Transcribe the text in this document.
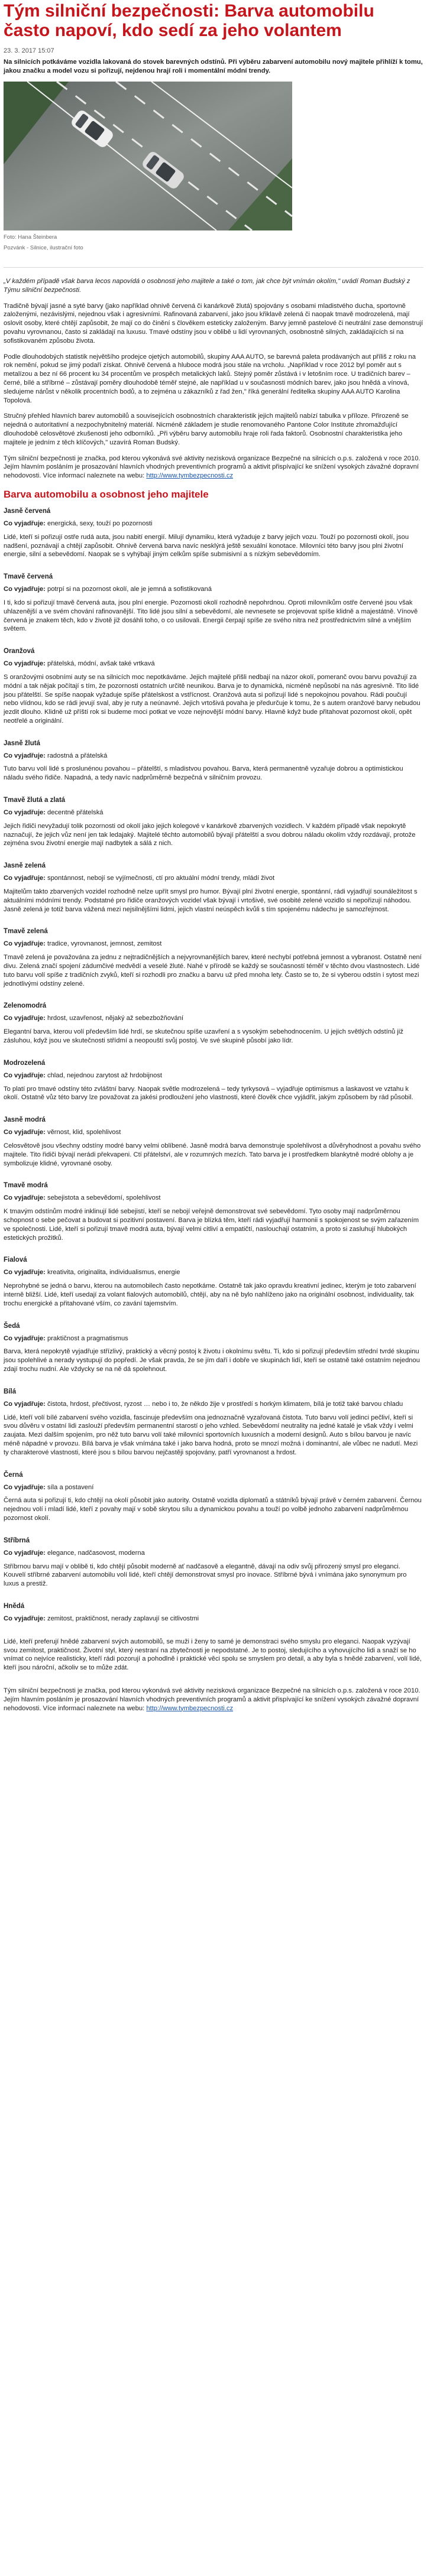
Tým silniční bezpečnosti: Barva automobilu často napoví, kdo sedí za jeho volantem
23. 3. 2017 15:07
Na silnicích potkáváme vozidla lakovaná do stovek barevných odstínů. Při výběru zabarvení automobilu nový majitele přihlíží k tomu, jakou značku a model vozu si pořizují, nejdenou hrají roli i momentální módní trendy.
Foto: Hana Šteinbera
Pozvánk - Silnice, ilustrační foto

„V každém případě však barva lecos napovídá o osobnosti jeho majitele a také o tom, jak chce být vnímán okolím," uvádí Roman Budský z Týmu silniční bezpečnosti.

Tradičně bývají jasné a syté barvy (jako například ohnivě červená či kanárkově žlutá) spojovány s osobami mladistvého ducha, sportovně založenými, nezávislými, nejednou však i agresivními. Rafinovaná zabarvení, jako jsou křiklavě zelená či naopak tmavě modrozelená, mají oslovit osoby, které chtějí zapůsobit, že mají co do činění s člověkem esteticky založeným. Barvy jemně pastelové či neutrální zase demonstrují povahu vyrovnanou, často si zakládají na luxusu. Tmavé odstíny jsou v oblibě u lidí vyrovnaných, osobnostně silných, zakládajících si na sofistikovaném způsobu života.

Podle dlouhodobých statistik největšího prodejce ojetých automobilů, skupiny AAA AUTO, se barevná paleta prodávaných aut příliš z roku na rok nemění, pokud se jimý podaří získat. Ohnivě červená a hluboce modrá jsou stále na vrcholu. „Například v roce 2012 byl poměr aut s metalízou a bez ní 66 procent ku 34 procentům ve prospěch metalických laků. Stejný poměr zůstává i v letošním roce. U tradičních barev – černé, bílé a stříbrné – zůstávají poměry dlouhodobě téměř stejné, ale například u v současnosti módních barev, jako jsou hnědá a vínová, sledujeme nárůst v několik procentních bodů, a to zejména u zákazníků z řad žen," říká generální ředitelka skupiny AAA AUTO Karolina Topolová.

Stručný přehled hlavních barev automobilů a souvisejících osobnostních charakteristik jejich majitelů nabízí tabulka v příloze. Přirozeně se nejedná o autoritativní a nezpochybnitelný materiál. Nicméně základem je studie renomovaného Pantone Color Institute zhromažďující dlouhodobě celosvětové zkušenosti jeho odborníků. „Při výběru barvy automobilu hraje roli řada faktorů. Osobnostní charakteristika jeho majitele je jedním z těch klíčových," uzavírá Roman Budský.

Tým silniční bezpečnosti je značka, pod kterou vykonává své aktivity nezisková organizace Bezpečné na silnicích o.p.s. založená v roce 2010. Jejím hlavním posláním je prosazování hlavních vhodných preventivních programů a aktivit přispívající ke snížení vysokých závažné dopravní nehodovosti. Více informací naleznete na webu: http://www.tymbezpecnosti.cz

Barva automobilu a osobnost jeho majitele
Jasně červená

Co vyjadřuje: energická, sexy, touží po pozornosti

Lidé, kteří si pořizují ostře rudá auta, jsou nabití energií. Milují dynamiku, která vyžaduje z barvy jejich vozu. Touží po pozornosti okolí, jsou nadšení, poznávají a chtějí zapůsobit. Ohnivě červená barva navíc nesklýrá ještě sexuální konotace. Milovníci této barvy jsou plni životní energie, silní a sebevědomí. Naopak se s vyhýbají jiným celkům spíše submisivní a s nízkým sebevědomím.

Tmavě červená

Co vyjadřuje: potrpí si na pozornost okolí, ale je jemná a sofistikovaná

I ti, kdo si pořizují tmavě červená auta, jsou plní energie. Pozornosti okolí rozhodně nepohrdnou. Oproti milovníkům ostře červené jsou však uhlazenější a ve svém chování rafinovanější. Tito lidé jsou silní a sebevědomí, ale nevnesete se projevovat spíše klidně a majestátně. Vínově červená je znakem těch, kdo v životě již dosáhli toho, o co usilovali. Energii čerpají spíše ze svého nitra než prostřednictvím silné a vnějším světem.

Oranžová

Co vyjadřuje: přátelská, módní, avšak také vrtkavá

S oranžovými osobními auty se na silnicích moc nepotkáváme. Jejich majitelé přišli nedbají na názor okolí, pomeranč ovou barvu považují za módní a tak nějak počítají s tím, že pozornosti ostatních určitě neunikou. Barva je to dynamická, nicméně nepůsobí na nás agresivně. Tito lidé jsou přátelští. Se spíše naopak vyžaduje spíše přátelskost a vstřícnost. Oranžová auta si pořizují lidé s nepokojnou povahou. Rádi poučují nebo vlídnou, kdo se rádi jevují sval, aby je ruty a neúnavné. Jejich vrtošivá povaha je předurčuje k tomu, že s autem oranžové barvy nebudou jezdit dlouho. Klidně už příští rok si budeme moci potkat ve voze nejnovější módní barvy. Hlavně když bude přitahovat pozornost okolí, opět neotřelé a originální.

Jasně žlutá

Co vyjadřuje: radostná a přátelská

Tuto barvu volí lidé s proslunénou povahou – přátelští, s mladistvou povahou. Barva, která permanentně vyzařuje dobrou a optimistickou náladu svého řidiče. Napadná, a tedy navíc nadprůměrně bezpečná v silničním provozu.

Tmavě žlutá a zlatá

Co vyjadřuje: decentně přátelská

Jejich řidiči nevyžadují tolik pozornosti od okolí jako jejich kolegové v kanárkově zbarvených vozidlech. V každém případě však nepokrytě naznačují, že jejich vůz není jen tak ledajaký. Majitelé těchto automobilů bývají přátelští a svou dobrou náladu okolím vždy rozdávají, protože zejména svou životní energie mají nadbytek a sálá z nich.

Jasně zelená

Co vyjadřuje: spontánnost, nebojí se vyjímečnosti, ctí pro aktuální módní trendy, mládí život

Majitelům takto zbarvených vozidel rozhodně nelze upřít smysl pro humor. Bývají plní životní energie, spontánní, rádi vyjadřují sounáležitost s aktuálními módními trendy. Podstatné pro řidiče oranžových vozidel však bývají i vrtošivé, své osobité zelené vozidlo si nepořizují náhodou. Jasně zelená je totiž barva vážená mezi nejsilnějšími lidmi, jejich vlastní neúspěch kvůli s tím spojenému nádechu je samozřejmost.

Tmavě zelená

Co vyjadřuje: tradice, vyrovnanost, jemnost, zemitost

Tmavě zelená je považována za jednu z nejtradičnějších a nejvyrovnanějších barev, které nechybí potřebná jemnost a vybranost. Ostatně není divu. Zelená značí spojení zádumčivé medvědí a veselé žluté. Nahé v přírodě se každý se současností téměř v těchto dvou vlastnostech. Lidé tuto barvu volí spíše z tradičních zvyků, kteří si rozhodli pro značku a barvu už před mnoha lety. Často se to, že si vyberou odstín i sytost mezi jednotlivými odstíny zelené.

Zelenomodrá

Co vyjadřuje: hrdost, uzavřenost, nějaký až sebezbožňování

Elegantní barva, kterou volí především lidé hrdí, se skutečnou spíše uzavření a s vysokým sebehodnocením. U jejich světlých odstínů již zásluhou, když jsou ve skutečnosti střídmí a neopouští svůj postoj. Ve své skupině působí jako lídr.

Modrozelená

Co vyjadřuje: chlad, nejednou zarytost až hrdobijnost

To platí pro tmavé odstíny této zvláštní barvy. Naopak světle modrozelená – tedy tyrkysová – vyjadřuje optimismus a laskavost ve vztahu k okolí. Ostatně vůz této barvy lze považovat za jakési prodloužení jeho vlastnosti, které člověk chce vyjádřit, jakým způsobem by rád působil.

Jasně modrá

Co vyjadřuje: věrnost, klid, spolehlivost

Celosvětově jsou všechny odstíny modré barvy velmi oblíbené. Jasně modrá barva demonstruje spolehlivost a důvěryhodnost a povahu svého majitele. Tito řidiči bývají nerádi překvapeni. Ctí přátelství, ale v rozumných mezích. Tato barva je i prostředkem blankytně modré oblohy a je symbolizuje klidné, vyrovnané osoby.

Tmavě modrá

Co vyjadřuje: sebejistota a sebevědomí, spolehlivost

K tmavým odstínům modré inklinují lidé sebejistí, kteří se nebojí veřejně demonstrovat své sebevědomí. Tyto osoby mají nadprůměrnou schopnost o sebe pečovat a budovat si pozitivní postavení. Barva je blízká těm, kteří rádi vyjadřují harmonii s spokojenost se svým zařazením ve společnosti. Lidé, kteří si pořizují tmavě modrá auta, bývají velmi citliví a empatičtí, naslouchají ostatním, a proto si zasluhují hlubokých estetických prožitků.

Fialová

Co vyjadřuje: kreativita, originalita, individualismus, energie

Neprohybné se jedná o barvu, kterou na automobilech často nepotkáme. Ostatně tak jako opravdu kreativní jedinec, kterým je toto zabarvení interně bližší. Lidé, kteří usedají za volant fialových automobilů, chtějí, aby na ně bylo nahlíženo jako na originální osobnost, individuality, tak trochu energické a přitahované vším, co zavání tajemstvím.

Šedá

Co vyjadřuje: praktičnost a pragmatismus

Barva, která nepokrytě vyjadřuje střízlivý, praktický a věcný postoj k životu i okolnímu světu. Ti, kdo si pořizují především střední tvrdé skupinu jsou spolehlivé a nerady vystupují do popředí. Je však pravda, že se jím daří i dobře ve skupinách lidí, kteří se ostatně také ostatním nejednou zdají trochu nudní. Ale vždycky se na ně dá spolehnout.

Bílá

Co vyjadřuje: čistota, hrdost, přečtivost, ryzost … nebo i to, že někdo žije v prostředí s horkým klimatem, bílá je totiž také barvou chladu

Lidé, kteří volí bílé zabarvení svého vozidla, fascinuje především ona jednoznačně vyzařovaná čistota. Tuto barvu volí jedinci pečliví, kteří si svou důvěru v ostatní lidi zaslouží především permanentní starostí o jeho vzhled. Sebevědomí neutrality na jedné katalé je však vždy i velmi zaujata. Mezi dalším spojením, pro něž tuto barvu volí také milovníci sportovních luxusních a moderní designů. Auto s bílou barvou je navíc méně nápadné v provozu. Bílá barva je však vnímána také i jako barva hodná, proto se mnozí možná i dominantní, ale vůbec ne nadutí. Mezi ty charakterové vlastnosti, které jsou s bílou barvou nejčastěji spojovány, patří vyrovnanost a hrdost.

Černá

Co vyjadřuje: síla a postavení

Černá auta si pořizují ti, kdo chtějí na okolí působit jako autority. Ostatně vozidla diplomatů a státníků bývají právě v černém zabarvení. Černou nejednou volí i mladí lidé, kteří z povahy mají v sobě skrytou sílu a dynamickou povahu a touží po volbě jednoho zabarvení nadprůměrnou pozornost okolí.

Stříbrná

Co vyjadřuje: elegance, nadčasovost, moderna

Stříbrnou barvu mají v oblibě ti, kdo chtějí působit moderně ať nadčasově a elegantně, dávají na odiv svůj přirozený smysl pro eleganci. Kouvelí stříbrné zabarvení automobilu volí lidé, kteří chtějí demonstrovat smysl pro inovace. Stříbrné bývá i vnímána jako synonymum pro luxus a prestiž.

Hnědá

Co vyjadřuje: zemitost, praktičnost, nerady zaplavují se citlivostmi

Lidé, kteří preferují hnědé zabarvení svých automobilů, se muži i ženy to samé je demonstraci svého smyslu pro eleganci. Naopak vyzývají svou zemitost, praktičnost. Životní styl, který nestraní na zbytečnosti je nepodstatné. Je to postoj, sledujícího a vyhovujícího lidi a snaží se ho vnímat co nejvíce realisticky, kteří rádi pozorují a pohodlně i praktické věci spolu se smyslem pro detail, a aby byla s hnědé zabarvení, volí lidé, kteří jsou nároční, ačkoliv se to může zdát.

Tým silniční bezpečnosti je značka, pod kterou vykonává své aktivity nezisková organizace Bezpečné na silnicích o.p.s. založená v roce 2010. Jejím hlavním posláním je prosazování hlavních vhodných preventivních programů a aktivit přispívající ke snížení vysokých závažné dopravní nehodovosti. Více informací naleznete na webu: http://www.tymbezpecnosti.cz
